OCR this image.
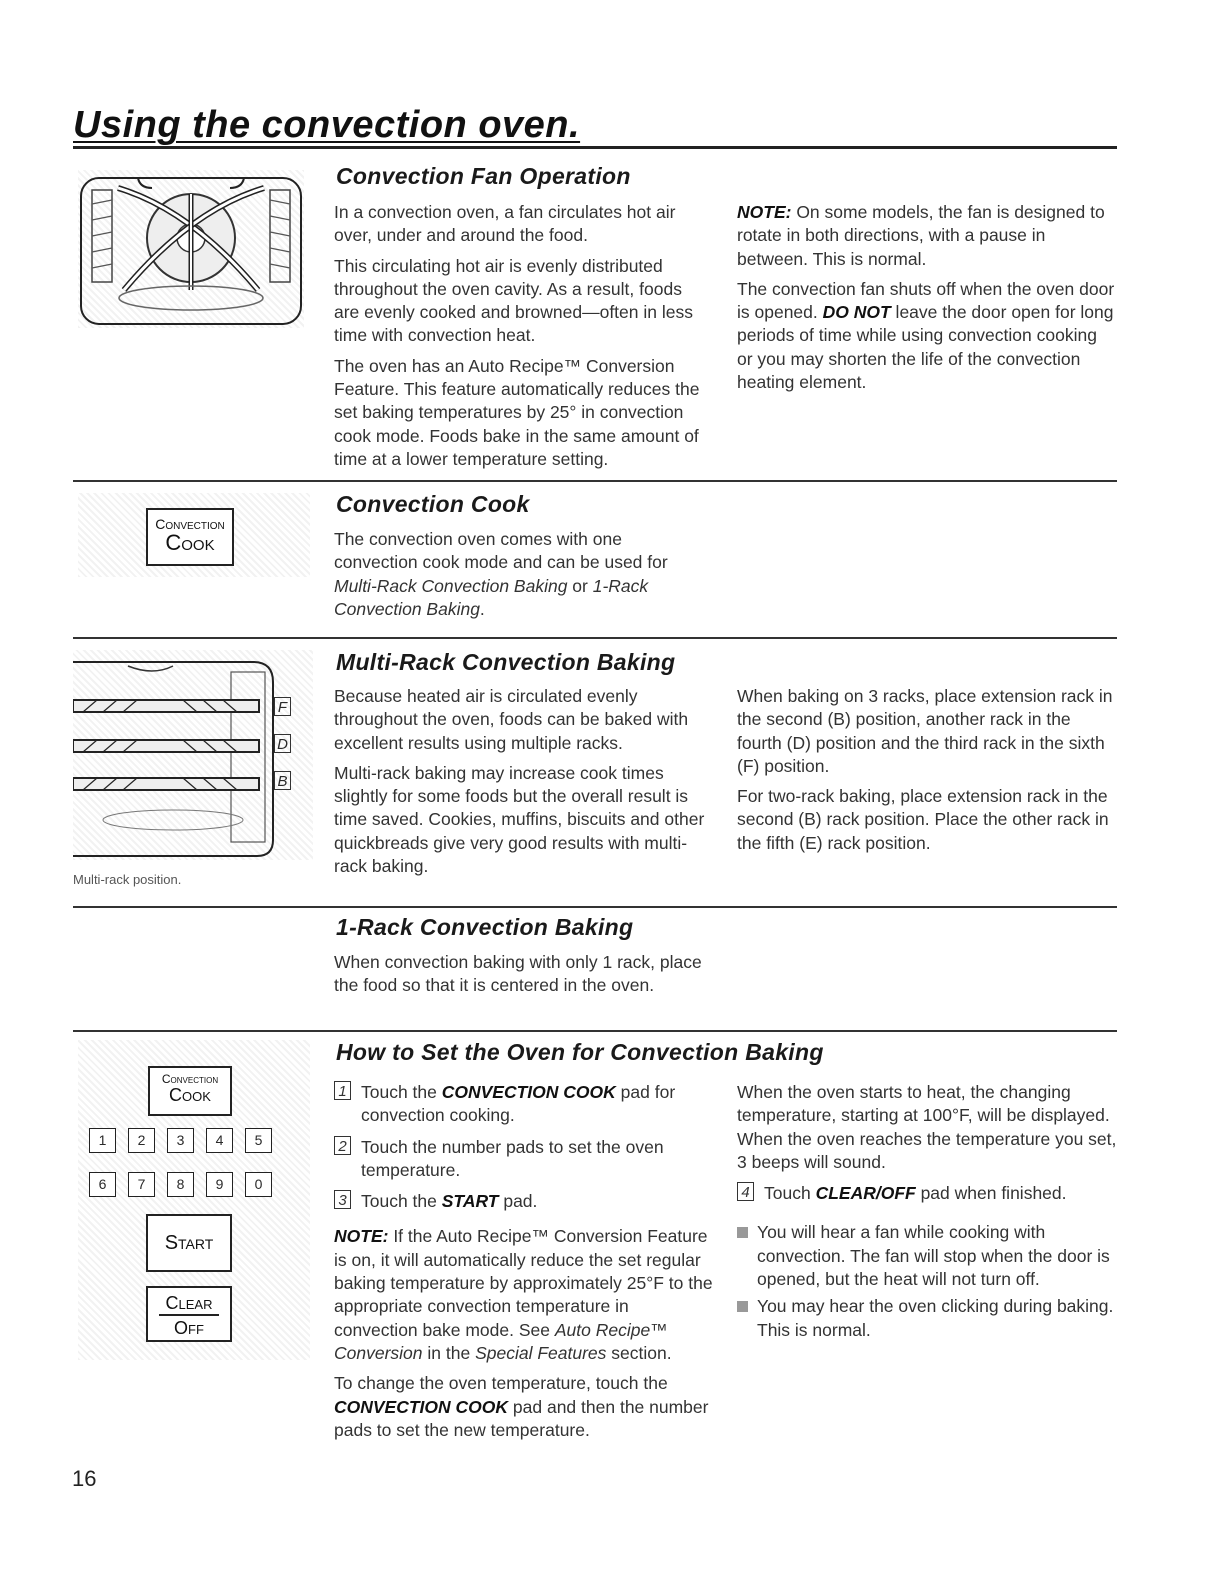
Using the convection oven.
Convection Fan Operation

In a convection oven, a fan circulates hot air over, under and around the food.

This circulating hot air is evenly distributed throughout the oven cavity. As a result, foods are evenly cooked and browned—often in less time with convection heat.

The oven has an Auto Recipe™ Conversion Feature. This feature automatically reduces the set baking temperatures by 25° in convection cook mode. Foods bake in the same amount of time at a lower temperature setting.

NOTE: On some models, the fan is designed to rotate in both directions, with a pause in between. This is normal.

The convection fan shuts off when the oven door is opened. DO NOT leave the door open for long periods of time while using convection cooking or you may shorten the life of the convection heating element.

Convection
Cook
Convection Cook

The convection oven comes with one convection cook mode and can be used for Multi-Rack Convection Baking or 1-Rack Convection Baking.

F
D
B
Multi-rack position.
Multi-Rack Convection Baking

Because heated air is circulated evenly throughout the oven, foods can be baked with excellent results using multiple racks.

Multi-rack baking may increase cook times slightly for some foods but the overall result is time saved. Cookies, muffins, biscuits and other quickbreads give very good results with multi-rack baking.

When baking on 3 racks, place extension rack in the second (B) position, another rack in the fourth (D) position and the third rack in the sixth (F) position.

For two-rack baking, place extension rack in the second (B) rack position. Place the other rack in the fifth (E) rack position.

1-Rack Convection Baking

When convection baking with only 1 rack, place the food so that it is centered in the oven.

Convection
Cook
1	2	3	4	5
6	7	8	9	0
Start
Clear
Off
How to Set the Oven for Convection Baking
1 Touch the CONVECTION COOK pad for convection cooking.
2 Touch the number pads to set the oven temperature.
3 Touch the START pad.

NOTE: If the Auto Recipe™ Conversion Feature is on, it will automatically reduce the set regular baking temperature by approximately 25°F to the appropriate convection temperature in convection bake mode. See Auto Recipe™ Conversion in the Special Features section.

To change the oven temperature, touch the CONVECTION COOK pad and then the number pads to set the new temperature.

When the oven starts to heat, the changing temperature, starting at 100°F, will be displayed. When the oven reaches the temperature you set, 3 beeps will sound.

4 Touch CLEAR/OFF pad when finished.
You will hear a fan while cooking with convection. The fan will stop when the door is opened, but the heat will not turn off.
You may hear the oven clicking during baking. This is normal.
16
